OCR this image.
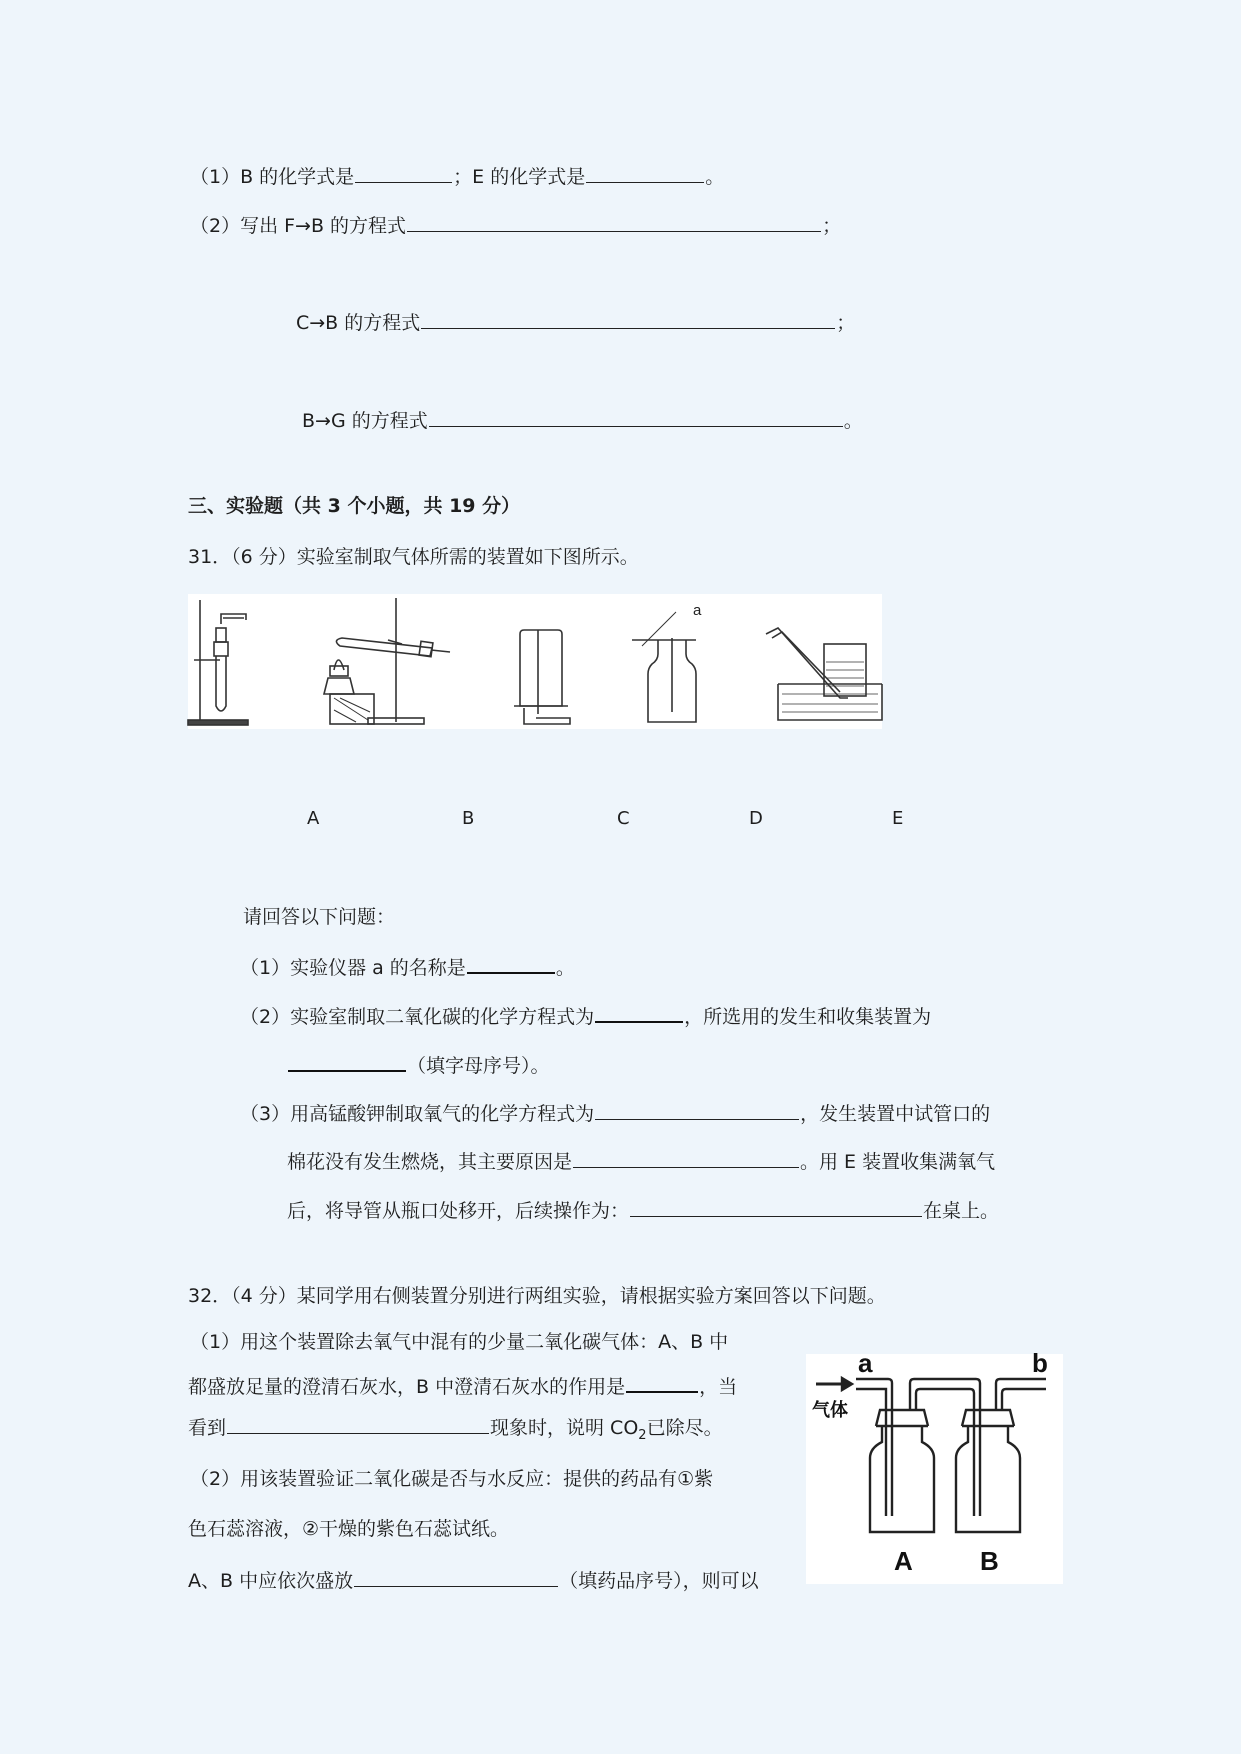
（1）B 的化学式是	；E 的化学式是	。
（2）写出 F→B 的方程式	；
C→B 的方程式	；
B→G 的方程式	。
三、实验题（共 3 个小题，共 19 分）
31．（6 分）实验室制取气体所需的装置如下图所示。
a
A	B	C	D	E
请回答以下问题：
（1）实验仪器 a 的名称是	。
（2）实验室制取二氧化碳的化学方程式为	，所选用的发生和收集装置为
（填字母序号）。
（3）用高锰酸钾制取氧气的化学方程式为	，发生装置中试管口的
棉花没有发生燃烧，其主要原因是	。用 E 装置收集满氧气
后，将导管从瓶口处移开，后续操作为：	在桌上。
32．（4 分）某同学用右侧装置分别进行两组实验，请根据实验方案回答以下问题。
（1）用这个装置除去氧气中混有的少量二氧化碳气体：A、B 中
都盛放足量的澄清石灰水，B 中澄清石灰水的作用是	，当
看到	现象时，说明 $CO_2$已除尽。
（2）用该装置验证二氧化碳是否与水反应：提供的药品有①紫
色石蕊溶液，②干燥的紫色石蕊试纸。
A、B 中应依次盛放	（填药品序号），则可以
a	b
气体
A	B
